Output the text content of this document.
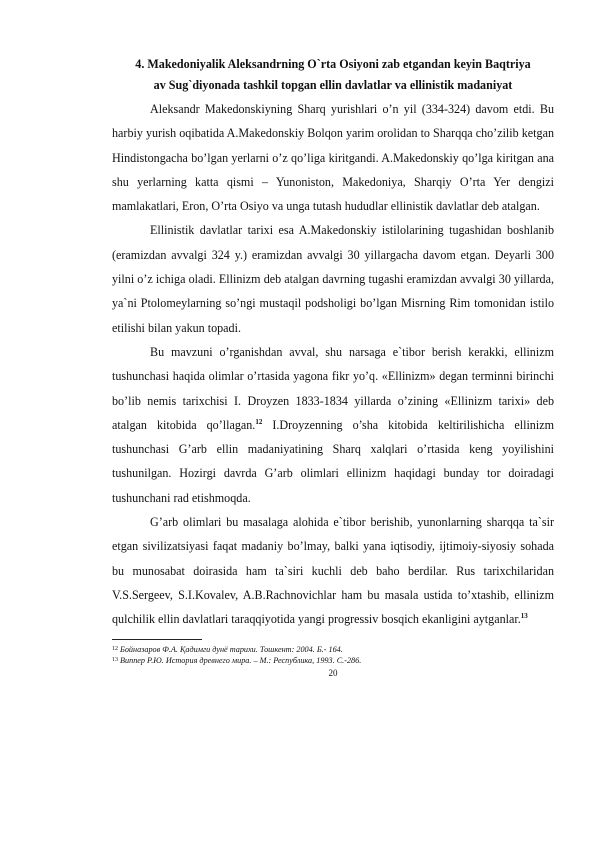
4. Makedoniyalik Aleksandrning O`rta Osiyoni zab etgandan keyin Baqtriya
av Sug`diyonada tashkil topgan ellin davlatlar va ellinistik madaniyat

Aleksandr Makedonskiyning Sharq yurishlari o’n yil (334-324) davom etdi. Bu harbiy yurish oqibatida A.Makedonskiy Bolqon yarim orolidan to Sharqqa cho’zilib ketgan Hindistongacha bo’lgan yerlarni o’z qo’liga kiritgandi. A.Makedonskiy qo’lga kiritgan ana shu yerlarning katta qismi – Yunoniston, Makedoniya, Sharqiy O’rta Yer dengizi mamlakatlari, Eron, O’rta Osiyo va unga tutash hududlar ellinistik davlatlar deb atalgan.

Ellinistik davlatlar tarixi esa A.Makedonskiy istilolarining tugashidan boshlanib (eramizdan avvalgi 324 y.) eramizdan avvalgi 30 yillargacha davom etgan. Deyarli 300 yilni o’z ichiga oladi. Ellinizm deb atalgan davrning tugashi eramizdan avvalgi 30 yillarda, ya`ni Ptolomeylarning so’ngi mustaqil podsholigi bo’lgan Misrning Rim tomonidan istilo etilishi bilan yakun topadi.

Bu mavzuni o’rganishdan avval, shu narsaga e`tibor berish kerakki, ellinizm tushunchasi haqida olimlar o’rtasida yagona fikr yo’q. «Ellinizm» degan terminni birinchi bo’lib nemis tarixchisi I. Droyzen 1833-1834 yillarda o’zining «Ellinizm tarixi» deb atalgan kitobida qo’llagan.$^{12}$ I.Droyzenning o’sha kitobida keltirilishicha ellinizm tushunchasi G’arb ellin madaniyatining Sharq xalqlari o’rtasida keng yoyilishini tushunilgan. Hozirgi davrda G’arb olimlari ellinizm haqidagi bunday tor doiradagi tushunchani rad etishmoqda.

G’arb olimlari bu masalaga alohida e`tibor berishib, yunonlarning sharqqa ta`sir etgan sivilizatsiyasi faqat madaniy bo’lmay, balki yana iqtisodiy, ijtimoiy-siyosiy sohada bu munosabat doirasida ham ta`siri kuchli deb baho berdilar. Rus tarixchilaridan V.S.Sergeev, S.I.Kovalev, A.B.Rachnovichlar ham bu masala ustida to’xtashib, ellinizm qulchilik ellin davlatlari taraqqiyotida yangi progressiv bosqich ekanligini aytganlar.$^{13}$

$^{12}$ Бойназаров Ф.А. Қадимги дунё тарихи. Тошкент: 2004. Б.- 164.
$^{13}$ Виппер Р.Ю. История древнего мира. – М.: Республика, 1993. С.-286.
20
